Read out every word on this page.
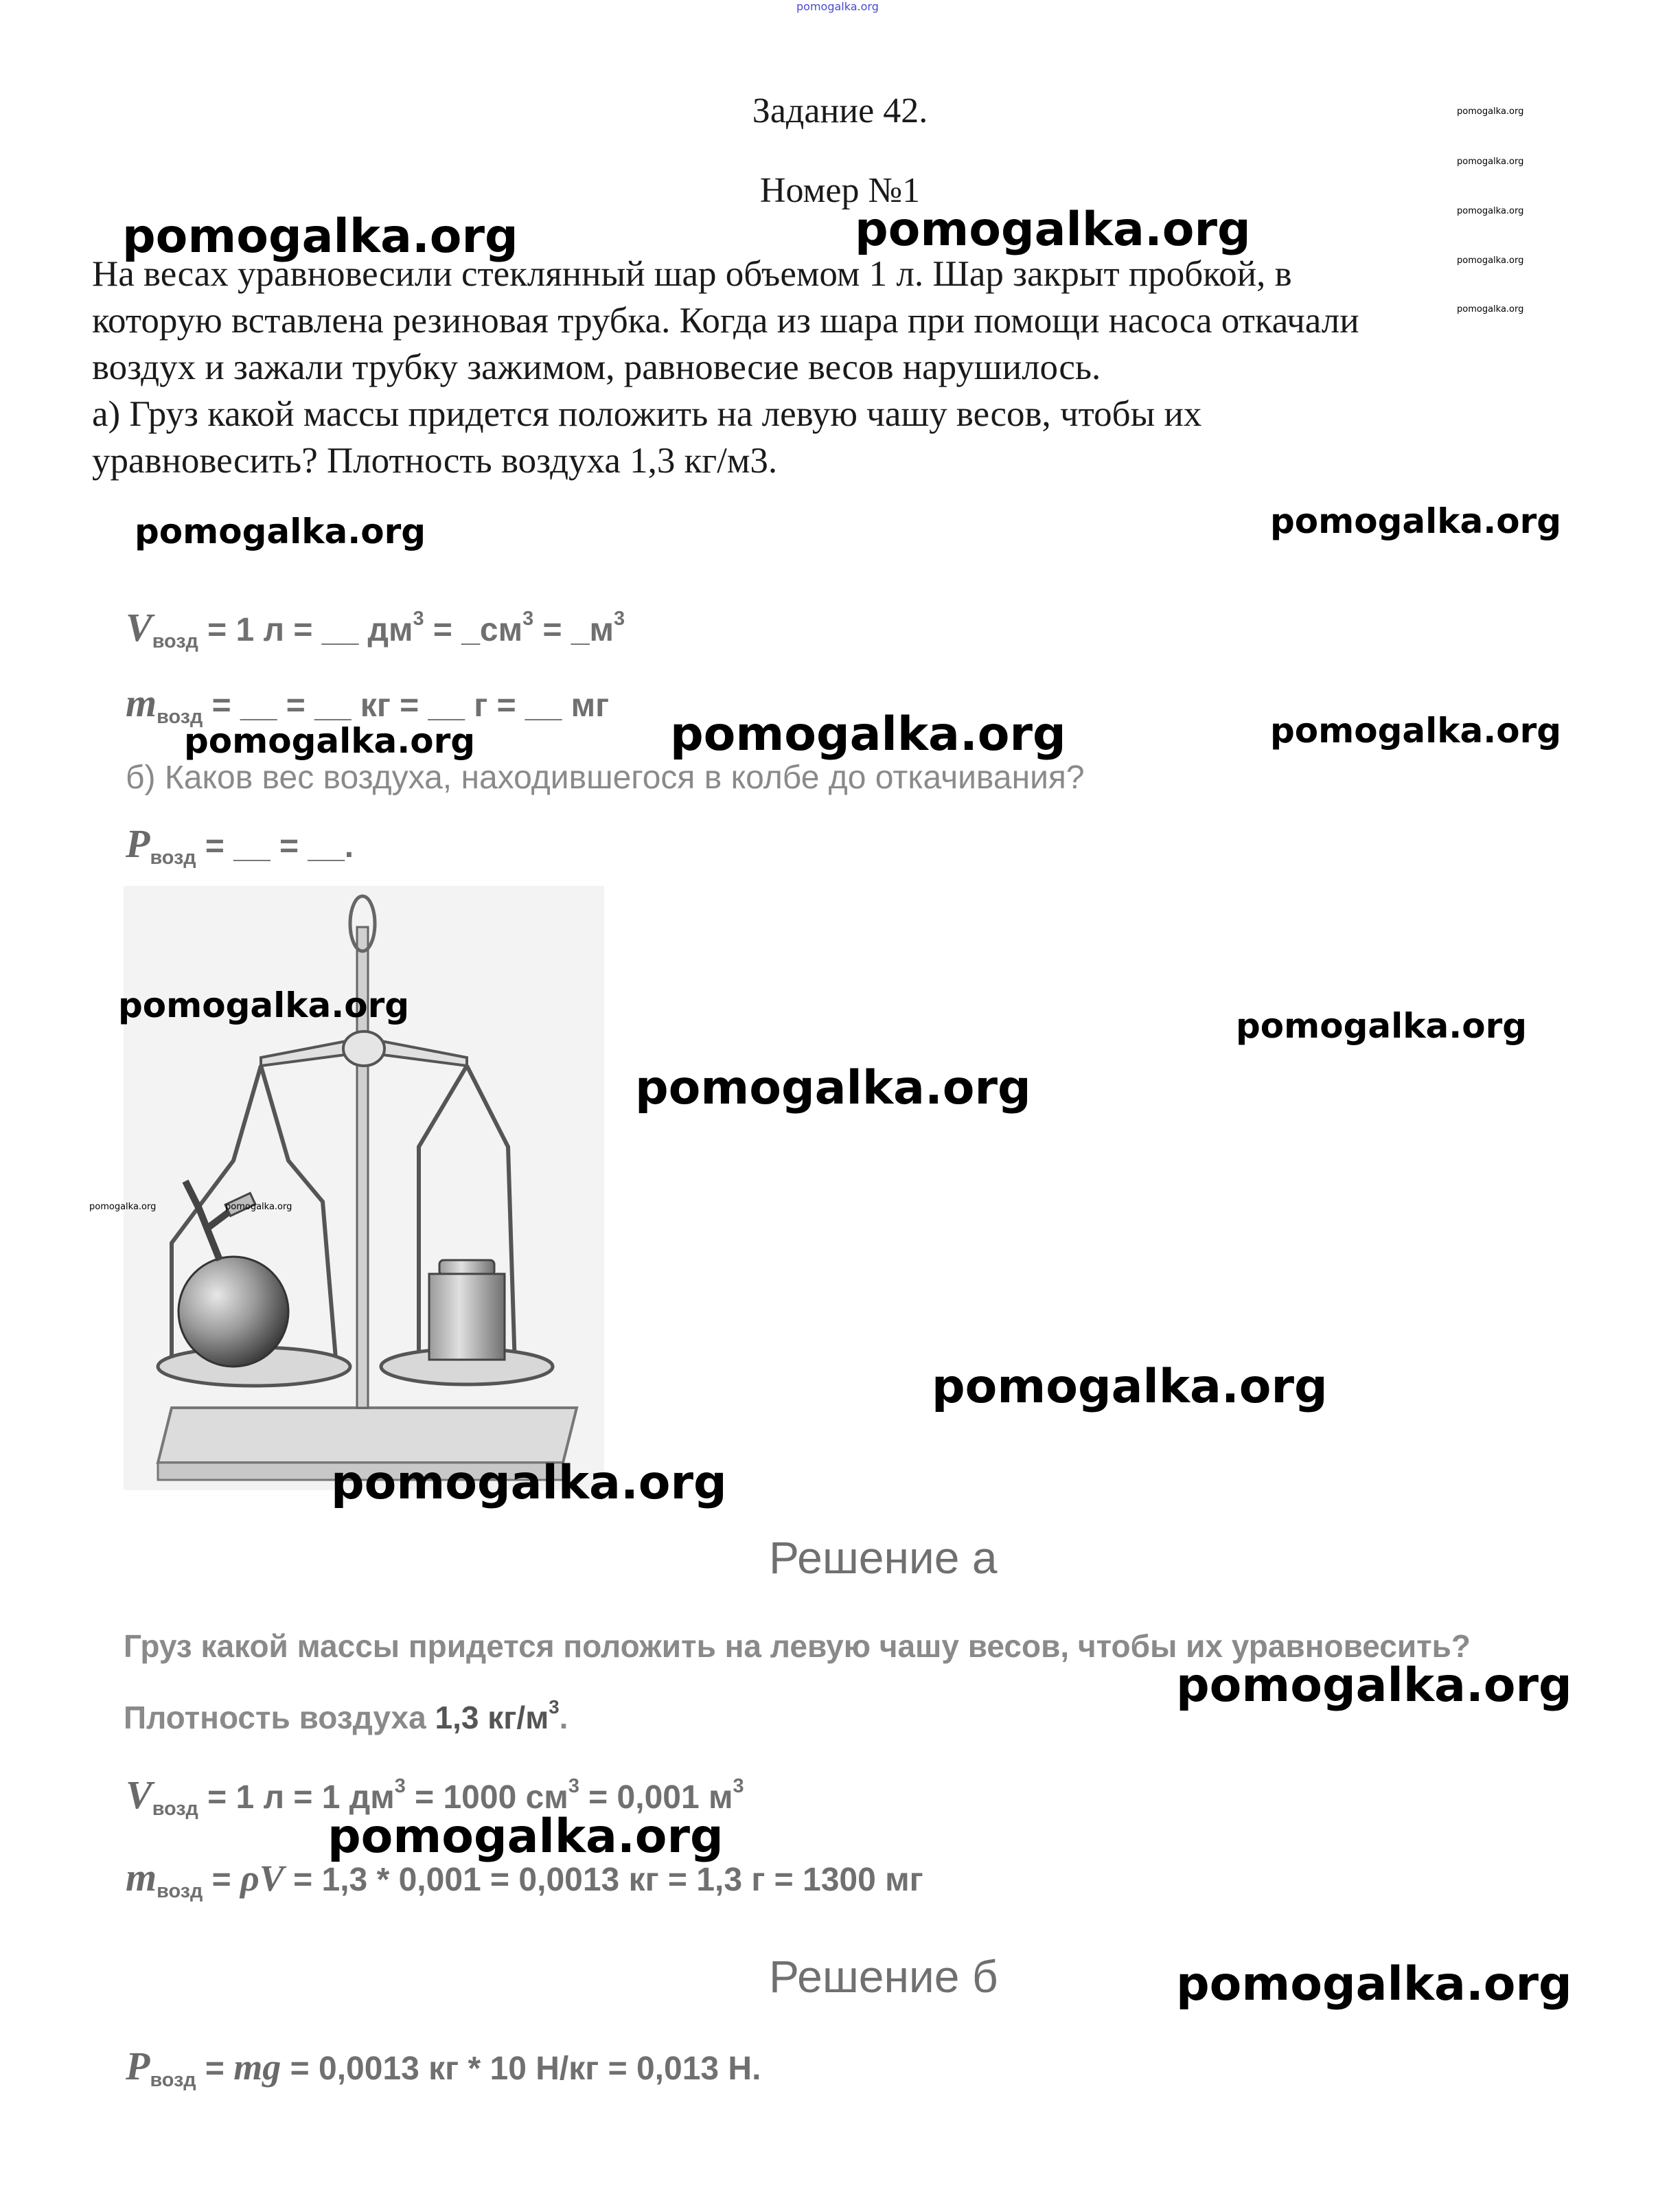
pomogalka.org
Задание 42.
Номер №1

На весах уравновесили стеклянный шар объемом 1 л. Шар закрыт пробкой, в

которую вставлена резиновая трубка. Когда из шара при помощи насоса откачали

воздух и зажали трубку зажимом, равновесие весов нарушилось.

а) Груз какой массы придется положить на левую чашу весов, чтобы их

уравновесить? Плотность воздуха 1,3 кг/м3.

$V_{возд} = 1$ л = __ $дм^3$ = $\_см^3$ = $\_м^3$
$m_{возд}$ = __ = __ кг = __ г = __ мг
б) Каков вес воздуха, находившегося в колбе до откачивания?
$P_{возд}$ = __ = __.
Решение а
Груз какой массы придется положить на левую чашу весов, чтобы их уравновесить?
Плотность воздуха 1,3 $кг/м^3$.
$V_{возд} = 1$ л = 1 $дм^3 = 1000$ $см^3 = 0,001$ $м^3$
$m_{возд} = \rho V = 1,3 * 0,001 = 0,0013$ кг = 1,3 г = 1300 мг
Решение б
$P_{возд}$ = mg = 0,0013 кг * 10 Н/кг = 0,013 Н.
pomogalka.org	pomogalka.org
pomogalka.org	pomogalka.org
pomogalka.org	pomogalka.org	pomogalka.org
pomogalka.org
pomogalka.org
pomogalka.org
pomogalka.org
pomogalka.org
pomogalka.org
pomogalka.org
pomogalka.org
pomogalka.org
pomogalka.org
pomogalka.org
pomogalka.org
pomogalka.org
pomogalka.org	pomogalka.org
